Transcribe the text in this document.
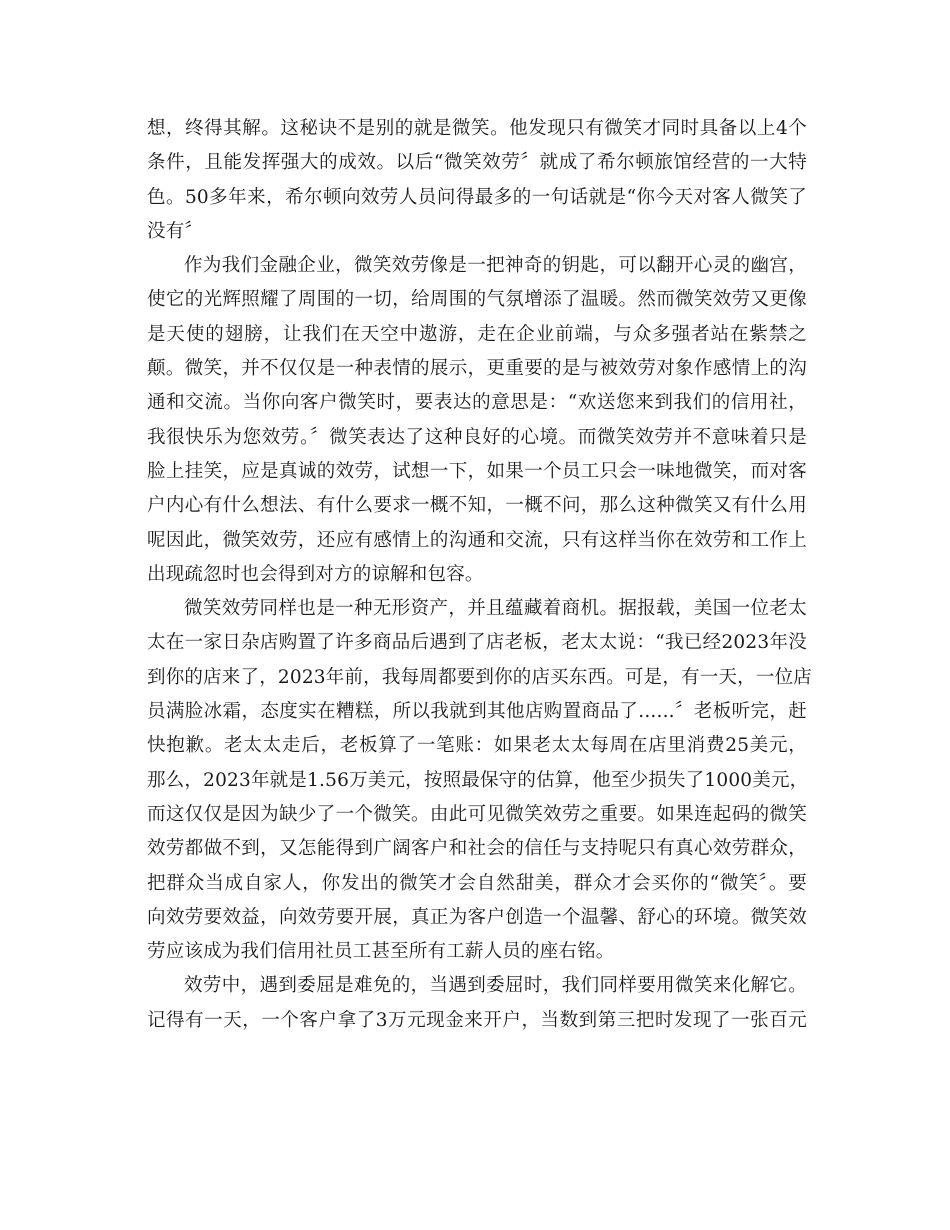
想，终得其解。这秘诀不是别的就是微笑。他发现只有微笑才同时具备以上4个
条件，且能发挥强大的成效。以后“微笑效劳〞就成了希尔顿旅馆经营的一大特
色。50多年来，希尔顿向效劳人员问得最多的一句话就是“你今天对客人微笑了
没有〞
作为我们金融企业，微笑效劳像是一把神奇的钥匙，可以翻开心灵的幽宫，
使它的光辉照耀了周围的一切，给周围的气氛增添了温暖。然而微笑效劳又更像
是天使的翅膀，让我们在天空中遨游，走在企业前端，与众多强者站在紫禁之
颠。微笑，并不仅仅是一种表情的展示，更重要的是与被效劳对象作感情上的沟
通和交流。当你向客户微笑时，要表达的意思是：“欢送您来到我们的信用社，
我很快乐为您效劳。〞微笑表达了这种良好的心境。而微笑效劳并不意味着只是
脸上挂笑，应是真诚的效劳，试想一下，如果一个员工只会一味地微笑，而对客
户内心有什么想法、有什么要求一概不知，一概不问，那么这种微笑又有什么用
呢因此，微笑效劳，还应有感情上的沟通和交流，只有这样当你在效劳和工作上
出现疏忽时也会得到对方的谅解和包容。
微笑效劳同样也是一种无形资产，并且蕴藏着商机。据报载，美国一位老太
太在一家日杂店购置了许多商品后遇到了店老板，老太太说：“我已经2023年没
到你的店来了，2023年前，我每周都要到你的店买东西。可是，有一天，一位店
员满脸冰霜，态度实在糟糕，所以我就到其他店购置商品了......〞老板听完，赶
快抱歉。老太太走后，老板算了一笔账：如果老太太每周在店里消费25美元，
那么，2023年就是1.56万美元，按照最保守的估算，他至少损失了1000美元，
而这仅仅是因为缺少了一个微笑。由此可见微笑效劳之重要。如果连起码的微笑
效劳都做不到，又怎能得到广阔客户和社会的信任与支持呢只有真心效劳群众，
把群众当成自家人，你发出的微笑才会自然甜美，群众才会买你的“微笑〞。要
向效劳要效益，向效劳要开展，真正为客户创造一个温馨、舒心的环境。微笑效
劳应该成为我们信用社员工甚至所有工薪人员的座右铭。
效劳中，遇到委屈是难免的，当遇到委屈时，我们同样要用微笑来化解它。
记得有一天，一个客户拿了3万元现金来开户，当数到第三把时发现了一张百元
